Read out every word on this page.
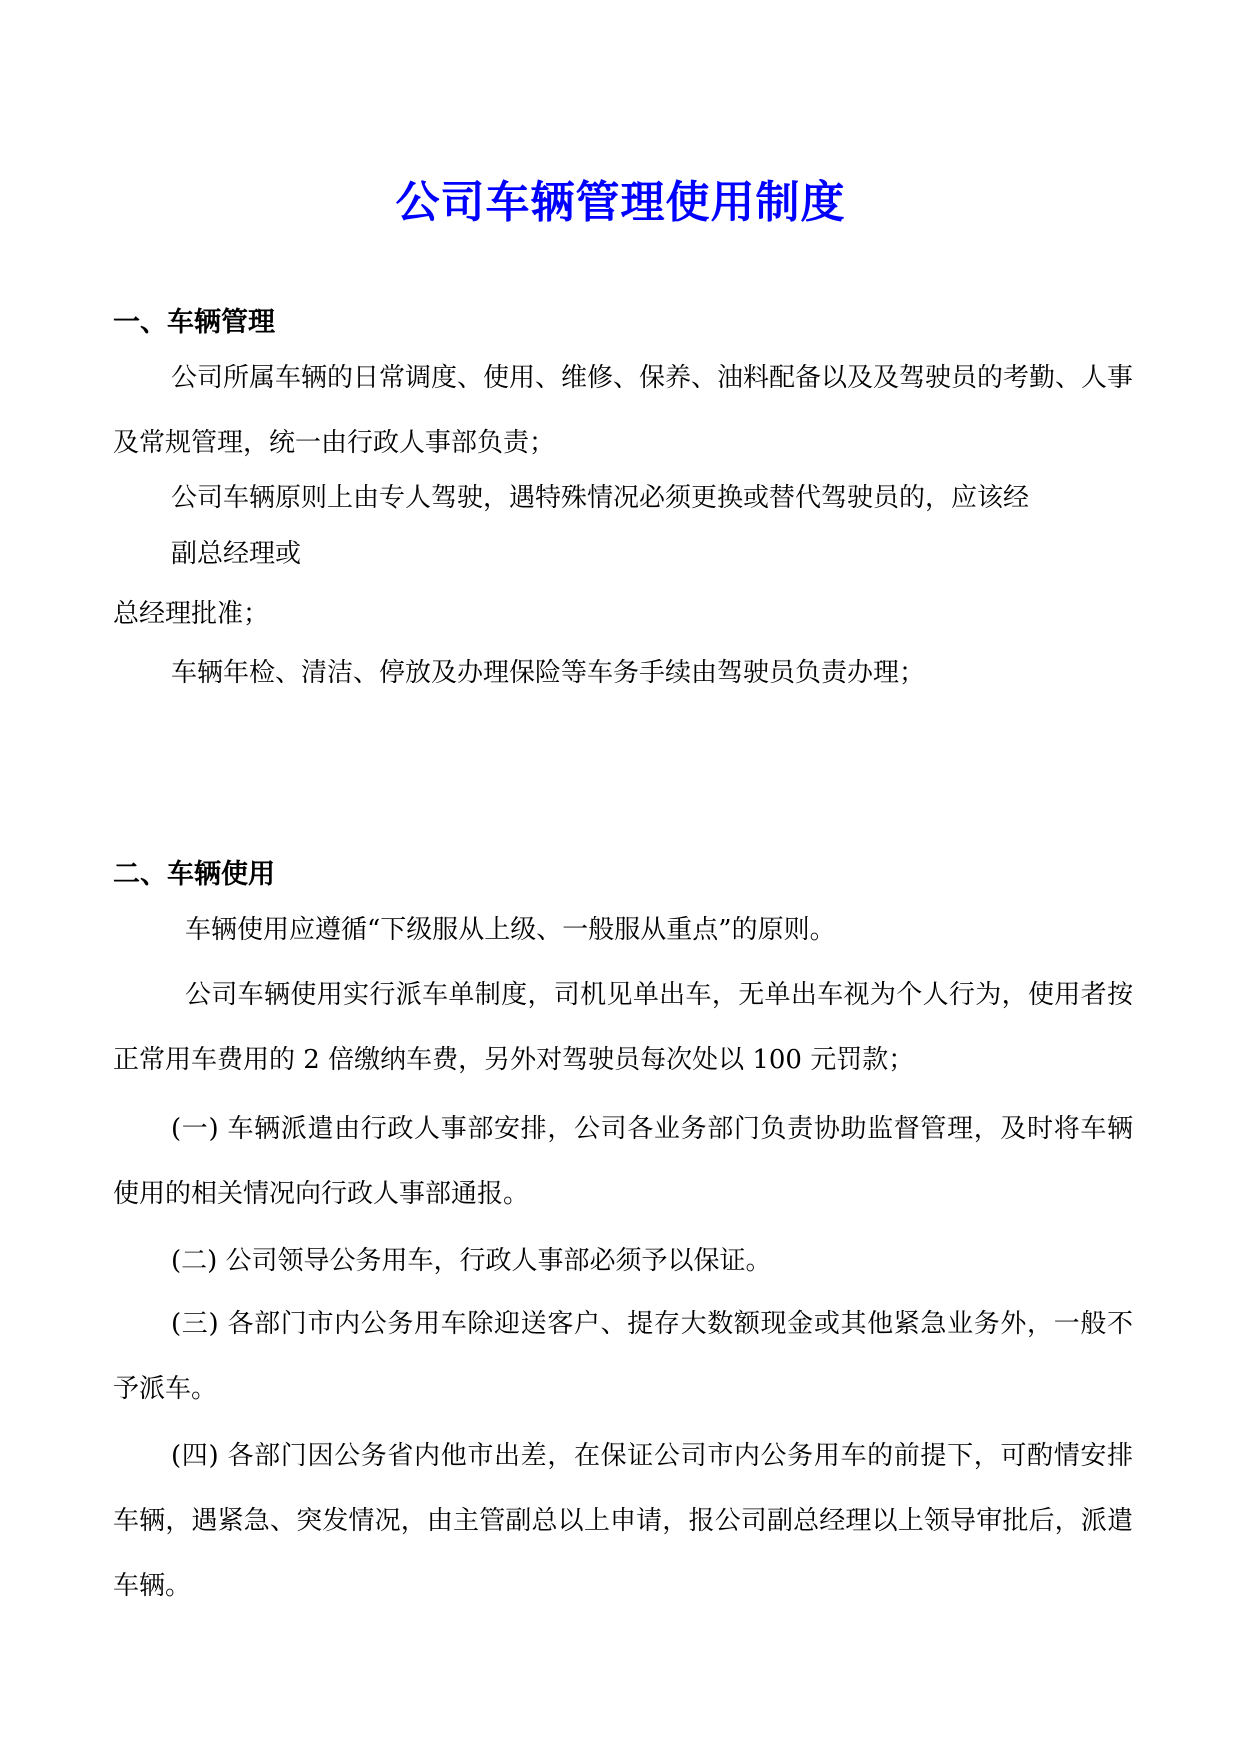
公司车辆管理使用制度
一、车辆管理
公司所属车辆的日常调度、使用、维修、保养、油料配备以及及驾驶员的考勤、人事及常规管理，统一由行政人事部负责；
公司车辆原则上由专人驾驶，遇特殊情况必须更换或替代驾驶员的，应该经
副总经理或
总经理批准；
车辆年检、清洁、停放及办理保险等车务手续由驾驶员负责办理；
二、车辆使用
车辆使用应遵循“下级服从上级、一般服从重点”的原则。
公司车辆使用实行派车单制度，司机见单出车，无单出车视为个人行为，使用者按正常用车费用的 2 倍缴纳车费，另外对驾驶员每次处以 100 元罚款；
(一) 车辆派遣由行政人事部安排，公司各业务部门负责协助监督管理，及时将车辆使用的相关情况向行政人事部通报。
(二) 公司领导公务用车，行政人事部必须予以保证。
(三) 各部门市内公务用车除迎送客户、提存大数额现金或其他紧急业务外，一般不予派车。
(四) 各部门因公务省内他市出差，在保证公司市内公务用车的前提下，可酌情安排车辆，遇紧急、突发情况，由主管副总以上申请，报公司副总经理以上领导审批后，派遣车辆。
